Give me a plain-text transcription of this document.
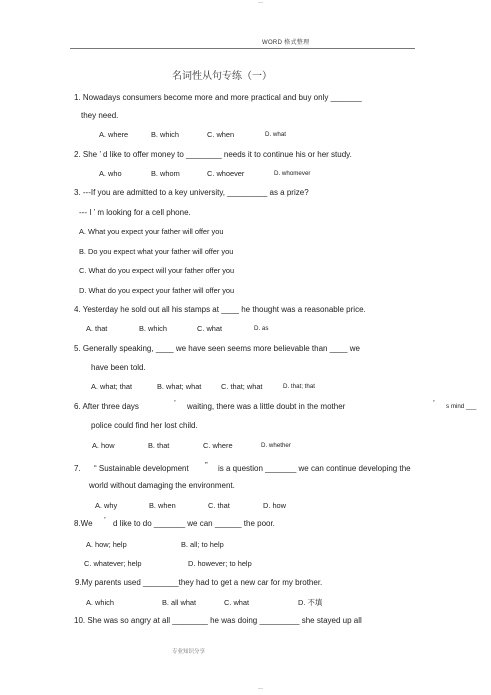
—
—
WORD 格式整理
名词性从句专练（一）
1. Nowadays consumers become more and more practical and buy only _______
they need.
A. where	B. which	C. when	D. what
2. She ’ d like to offer money to ________ needs it to continue his or her study.
A. who	B. whom	C. whoever	D. whomever
3. ---If you are admitted to a key university, _________ as a prize?
--- I ’ m looking for a cell phone.
A. What you expect your father will offer you
B. Do you expect what your father will offer you
C. What do you expect will your father offer you
D. What do you expect your father will offer you
4. Yesterday he sold out all his stamps at ____ he thought was a reasonable price.
A. that	B. which	C. what	D. as
5. Generally speaking, ____ we have seen seems more believable than ____ we
have been told.
A. what; that	B. what; what	C. that; what	D. that; that
6. After three days	’ waiting, there was a little doubt in the mother	’ s mind ___
police could find her lost child.
A. how	B. that	C. where	D. whether
7. “ Sustainable development ” is a question _______ we can continue developing the
world without damaging the environment.
A. why	B. when	C. that	D. how
8.We ’ d like to do _______ we can ______ the poor.
A. how; help	B. all; to help
C. whatever; help	D. however; to help
9.My parents used ________they had to get a new car for my brother.
A. which	B. all what	C. what	D. 不填
10. She was so angry at all ________ he was doing _________ she stayed up all
专业知识分享
